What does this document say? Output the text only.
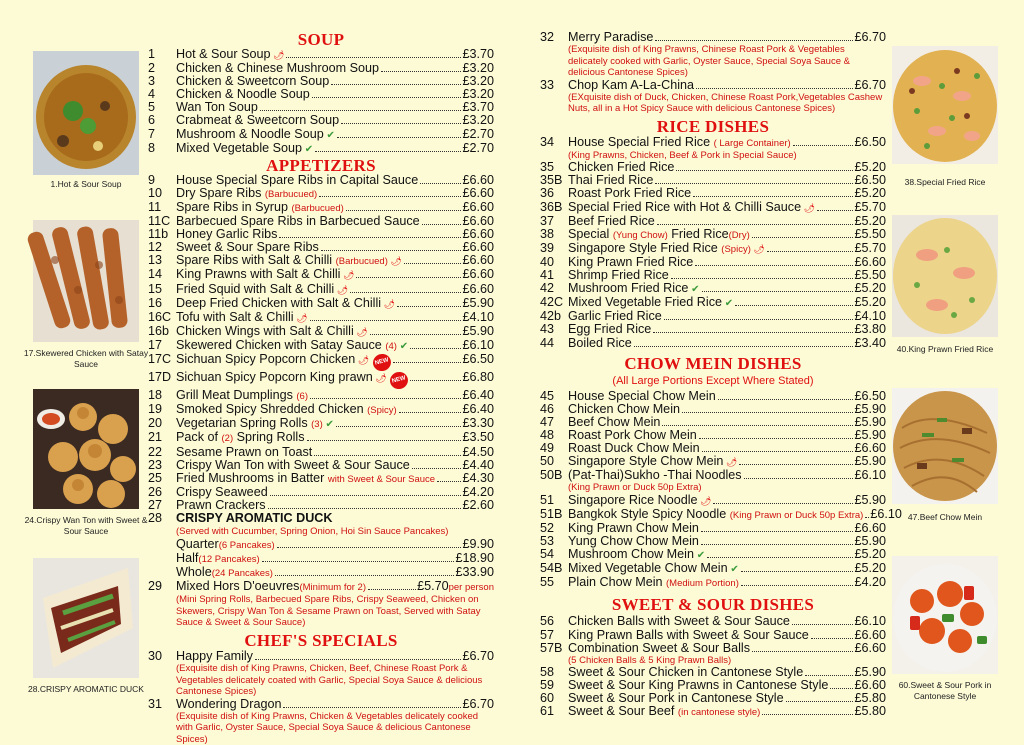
1.Hot & Sour Soup
17.Skewered Chicken with Satay Sauce
24.Crispy Wan Ton with Sweet & Sour Sauce
28.CRISPY AROMATIC DUCK
38.Special Fried Rice
40.King Prawn Fried Rice
47.Beef Chow Mein
60.Sweet & Sour Pork in Cantonese Style
SOUP
1	Hot & Sour Soup 🌶	£3.70
2	Chicken & Chinese Mushroom Soup	£3.20
3	Chicken & Sweetcorn Soup	£3.20
4	Chicken & Noodle Soup	£3.20
5	Wan Ton Soup	£3.70
6	Crabmeat & Sweetcorn Soup	£3.20
7	Mushroom & Noodle Soup ✔	£2.70
8	Mixed Vegetable Soup ✔	£2.70
APPETIZERS
9	House Special Spare Ribs in Capital Sauce	£6.60
10	Dry Spare Ribs (Barbucued)	£6.60
11	Spare Ribs in Syrup (Barbucued)	£6.60
11C Barbecued Spare Ribs in Barbecued Sauce	£6.60
11b Honey Garlic Ribs	£6.60
12	Sweet & Sour Spare Ribs	£6.60
13	Spare Ribs with Salt & Chilli (Barbucued) 🌶	£6.60
14	King Prawns with Salt & Chilli 🌶	£6.60
15	Fried Squid with Salt & Chilli 🌶	£6.60
16	Deep Fried Chicken with Salt & Chilli 🌶	£5.90
16C Tofu with Salt & Chilli 🌶	£4.10
16b Chicken Wings with Salt & Chilli 🌶	£5.90
17	Skewered Chicken with Satay Sauce (4) ✔	£6.10
17C Sichuan Spicy Popcorn Chicken 🌶 NEW	£6.50
17D Sichuan Spicy Popcorn King prawn 🌶 NEW	£6.80
18	Grill Meat Dumplings (6)	£6.40
19	Smoked Spicy Shredded Chicken (Spicy)	£6.40
20	Vegetarian Spring Rolls (3) ✔	£3.30
21	Pack of (2) Spring Rolls	£3.50
22	Sesame Prawn on Toast	£4.50
23	Crispy Wan Ton with Sweet & Sour Sauce	£4.40
25	Fried Mushrooms in Batter with Sweet & Sour Sauce £4.30
26	Crispy Seaweed	£4.20
27	Prawn Crackers	£2.60
28	CRISPY AROMATIC DUCK
(Served with Cucumber, Spring Onion, Hoi Sin Sauce Pancakes)
Quarter(6 Pancakes)	£9.90
Half(12 Pancakes)	£18.90
Whole(24 Pancakes)	£33.90
29	Mixed Hors D'oeuvres(Minimum for 2)	£5.70 per person
(Mini Spring Rolls, Barbecued Spare Ribs, Crispy Seaweed, Chicken on Skewers, Crispy Wan Ton & Sesame Prawn on Toast, Served with Satay Sauce & Sweet & Sour Sauce)
CHEF'S SPECIALS
30	Happy Family	£6.70
(Exquisite dish of King Prawns, Chicken, Beef, Chinese Roast Pork & Vegetables delicately coated with Garlic, Special Soya Sauce & delicious Cantonese Spices)
31	Wondering Dragon	£6.70
(Exquisite dish of King Prawns, Chicken & Vegetables delicately cooked with Garlic, Oyster Sauce, Special Soya Sauce & delicious Cantonese Spices)
32	Merry Paradise	£6.70
(Exquisite dish of King Prawns, Chinese Roast Pork & Vegetables delicately cooked with Garlic, Oyster Sauce, Special Soya Sauce & delicious Cantonese Spices)
33	Chop Kam A-La-China	£6.70
(EXquisite dish of Duck, Chicken, Chinese Roast Pork,Vegetables Cashew Nuts, all in a Hot Spicy Sauce with delicious Cantonese Spices)
RICE DISHES
34	House Special Fried Rice ( Large Container)	£6.50
(King Prawns, Chicken, Beef & Pork in Special Sauce)
35	Chicken Fried Rice	£5.20
35B Thai Fried Rice	£6.50
36	Roast Pork Fried Rice	£5.20
36B Special Fried Rice with Hot & Chilli Sauce 🌶	£5.70
37	Beef Fried Rice	£5.20
38	Special (Yung Chow) Fried Rice(Dry)	£5.50
39	Singapore Style Fried Rice (Spicy) 🌶	£5.70
40	King Prawn Fried Rice	£6.60
41	Shrimp Fried Rice	£5.50
42	Mushroom Fried Rice ✔	£5.20
42C Mixed Vegetable Fried Rice ✔	£5.20
42b Garlic Fried Rice	£4.10
43	Egg Fried Rice	£3.80
44	Boiled Rice	£3.40
CHOW MEIN DISHES
(All Large Portions Except Where Stated)
45	House Special Chow Mein	£6.50
46	Chicken Chow Mein	£5.90
47	Beef Chow Mein	£5.90
48	Roast Pork Chow Mein	£5.90
49	Roast Duck Chow Mein	£6.60
50	Singapore Style Chow Mein 🌶	£5.90
50B (Pat-Thai)Sukho -Thai Noodles	£6.10
(King Prawn or Duck 50p Extra)
51	Singapore Rice Noodle 🌶	£5.90
51B Bangkok Style Spicy Noodle (King Prawn or Duck 50p Extra) £6.10
52	King Prawn Chow Mein	£6.60
53	Yung Chow Chow Mein	£5.90
54	Mushroom Chow Mein ✔	£5.20
54B Mixed Vegetable Chow Mein ✔	£5.20
55	Plain Chow Mein (Medium Portion)	£4.20
SWEET & SOUR DISHES
56	Chicken Balls with Sweet & Sour Sauce	£6.10
57	King Prawn Balls with Sweet & Sour Sauce	£6.60
57B Combination Sweet & Sour Balls	£6.60
(5 Chicken Balls & 5 King Prawn Balls)
58	Sweet & Sour Chicken in Cantonese Style	£5.90
59	Sweet & Sour King Prawns in Cantonese Style £6.60
60	Sweet & Sour Pork in Cantonese Style	£5.80
61	Sweet & Sour Beef (in cantonese style)	£5.80
